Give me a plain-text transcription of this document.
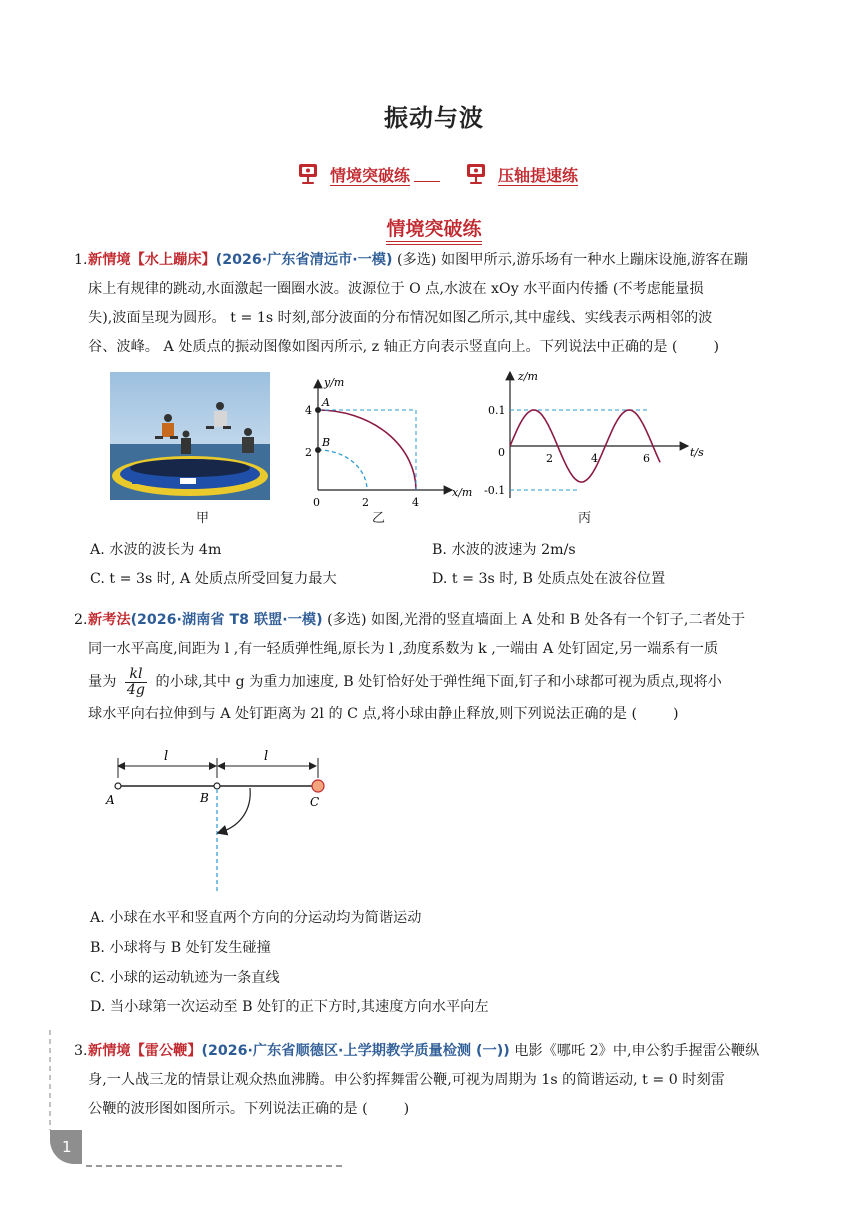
振动与波
情境突破练	压轴提速练
情境突破练
1. 新情境【水上蹦床】(2026·广东省清远市·一模) (多选) 如图甲所示,游乐场有一种水上蹦床设施,游客在蹦
床上有规律的跳动,水面激起一圈圈水波。波源位于 O 点,水波在 xOy 水平面内传播 (不考虑能量损
失),波面呈现为圆形。 t = 1s 时刻,部分波面的分布情况如图乙所示,其中虚线、实线表示两相邻的波
谷、波峰。 A 处质点的振动图像如图丙所示, z 轴正方向表示竖直向上。下列说法中正确的是 (	)
甲
y/m
x/m
4
2
0	2	4
A
B
乙
z/m
t/s
0.1
0
-0.1
2	4	6
丙
A. 水波的波长为 4m	B. 水波的波速为 2m/s
C. t = 3s 时, A 处质点所受回复力最大	D. t = 3s 时, B 处质点处在波谷位置
2. 新考法(2026·湖南省 T8 联盟·一模) (多选) 如图,光滑的竖直墙面上 A 处和 B 处各有一个钉子,二者处于
同一水平高度,间距为 l ,有一轻质弹性绳,原长为 l ,劲度系数为 k ,一端由 A 处钉固定,另一端系有一质
量为 $\frac{kl}{4g}$ 的小球,其中 g 为重力加速度, B 处钉恰好处于弹性绳下面,钉子和小球都可视为质点,现将小
球水平向右拉伸到与 A 处钉距离为 2l 的 C 点,将小球由静止释放,则下列说法正确的是 (	)
l	l
A	B	C
A. 小球在水平和竖直两个方向的分运动均为简谐运动
B. 小球将与 B 处钉发生碰撞
C. 小球的运动轨迹为一条直线
D. 当小球第一次运动至 B 处钉的正下方时,其速度方向水平向左
3. 新情境【雷公鞭】(2026·广东省顺德区·上学期教学质量检测 (一)) 电影《哪吒 2》中,申公豹手握雷公鞭纵
身,一人战三龙的情景让观众热血沸腾。申公豹挥舞雷公鞭,可视为周期为 1s 的简谐运动, t = 0 时刻雷
公鞭的波形图如图所示。下列说法正确的是 (	)
1
